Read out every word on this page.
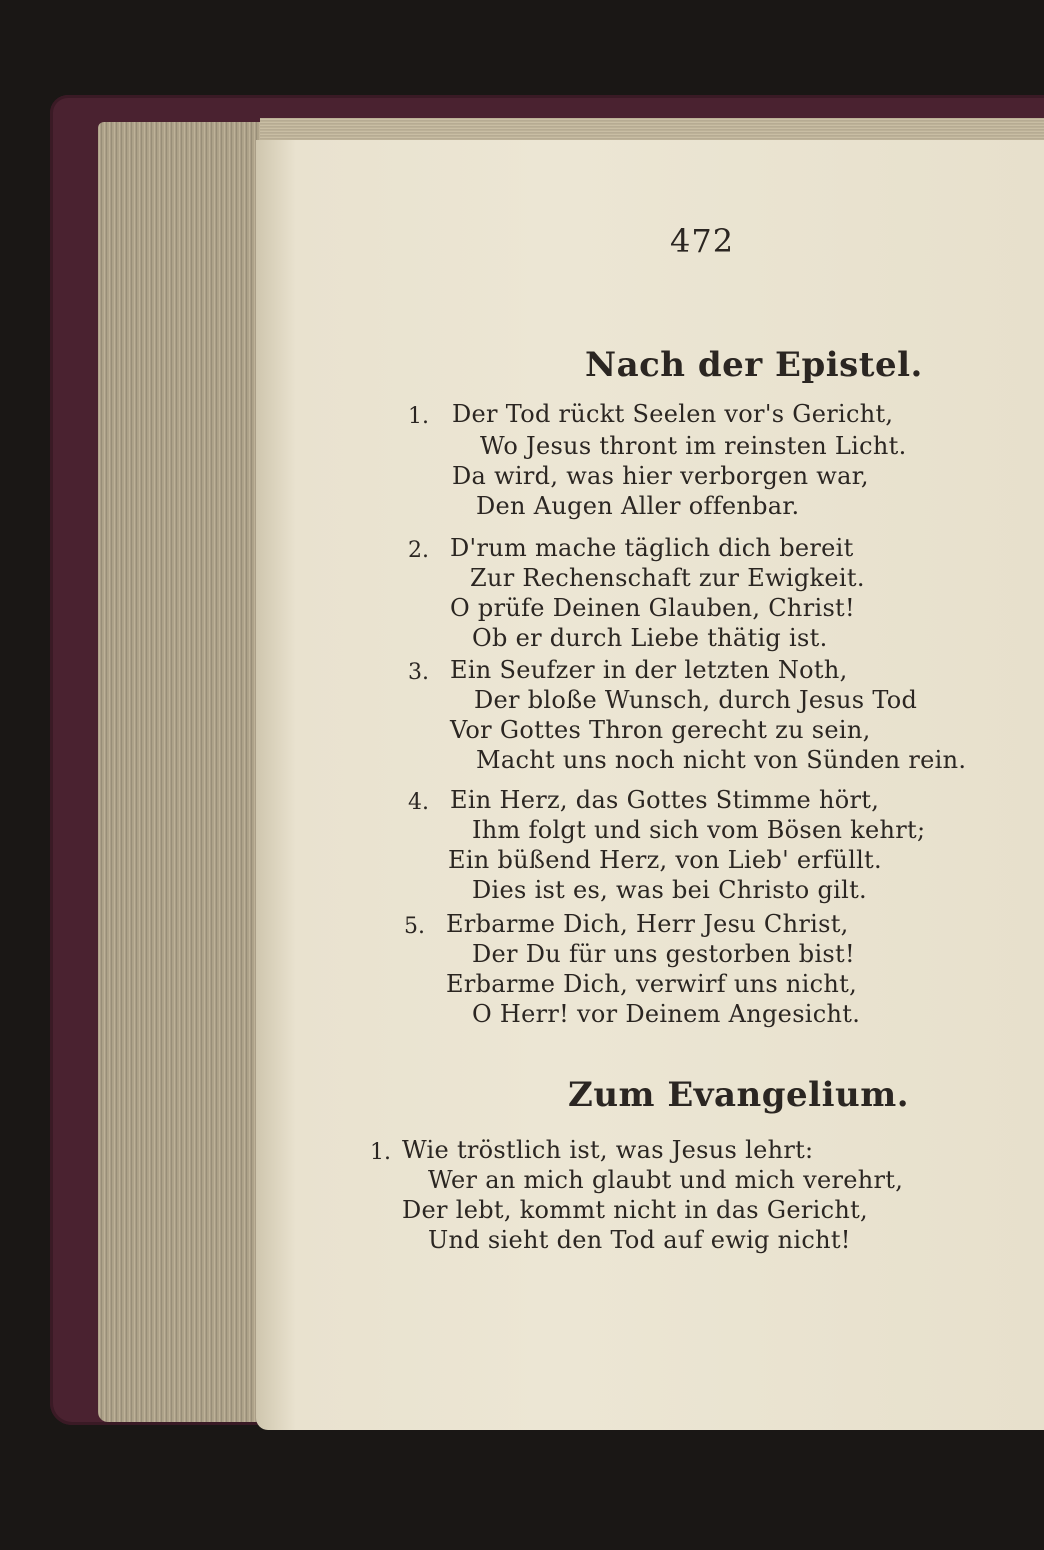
472
Nach der Epistel.
1. Der Tod rückt Seelen vor's Gericht,
Wo Jesus thront im reinsten Licht.
Da wird, was hier verborgen war,
Den Augen Aller offenbar.
2. D'rum mache täglich dich bereit
Zur Rechenschaft zur Ewigkeit.
O prüfe Deinen Glauben, Christ!
Ob er durch Liebe thätig ist.
3. Ein Seufzer in der letzten Noth,
Der bloße Wunsch, durch Jesus Tod
Vor Gottes Thron gerecht zu sein,
Macht uns noch nicht von Sünden rein.
4. Ein Herz, das Gottes Stimme hört,
Ihm folgt und sich vom Bösen kehrt;
Ein büßend Herz, von Lieb' erfüllt.
Dies ist es, was bei Christo gilt.
5. Erbarme Dich, Herr Jesu Christ,
Der Du für uns gestorben bist!
Erbarme Dich, verwirf uns nicht,
O Herr! vor Deinem Angesicht.
Zum Evangelium.
1. Wie tröstlich ist, was Jesus lehrt:
Wer an mich glaubt und mich verehrt,
Der lebt, kommt nicht in das Gericht,
Und sieht den Tod auf ewig nicht!
